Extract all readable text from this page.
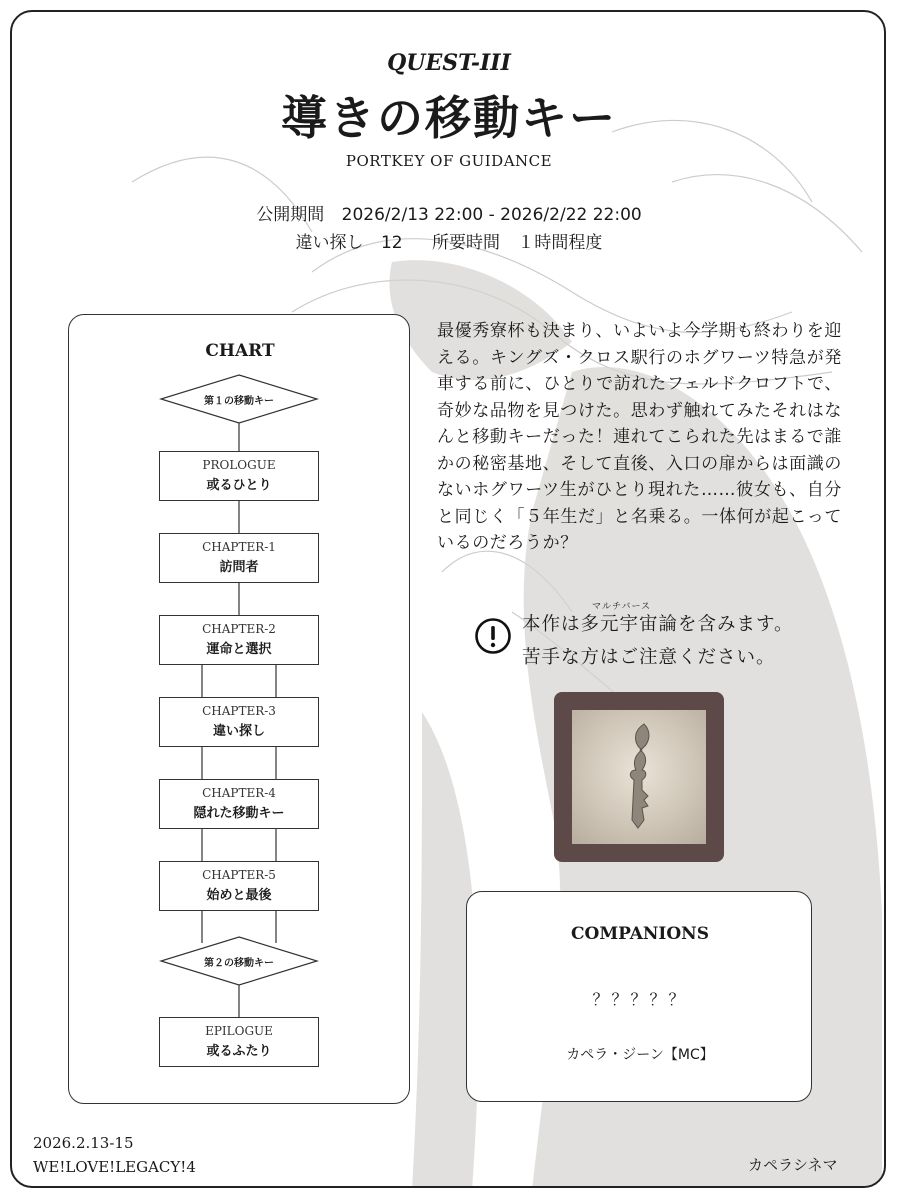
QUEST-III
導きの移動キー
PORTKEY OF GUIDANCE
公開期間 2026/2/13 22:00 - 2026/2/22 22:00
違い探し 12 所要時間 １時間程度
CHART
第１の移動キー
第２の移動キー
PROLOGUE
或るひとり
CHAPTER-1
訪問者
CHAPTER-2
運命と選択
CHAPTER-3
違い探し
CHAPTER-4
隠れた移動キー
CHAPTER-5
始めと最後
EPILOGUE
或るふたり
最優秀寮杯も決まり、いよいよ今学期も終わりを迎える。キングズ・クロス駅行のホグワーツ特急が発車する前に、ひとりで訪れたフェルドクロフトで、奇妙な品物を見つけた。思わず触れてみたそれはなんと移動キーだった！連れてこられた先はまるで誰かの秘密基地、そして直後、入口の扉からは面識のないホグワーツ生がひとり現れた……彼女も、自分と同じく「５年生だ」と名乗る。一体何が起こっているのだろうか？
マルチバース
本作は多元宇宙論を含みます。
苦手な方はご注意ください。
COMPANIONS
？？？？？
カペラ・ジーン【MC】
2026.2.13-15
WE!LOVE!LEGACY!4	カペラシネマ
